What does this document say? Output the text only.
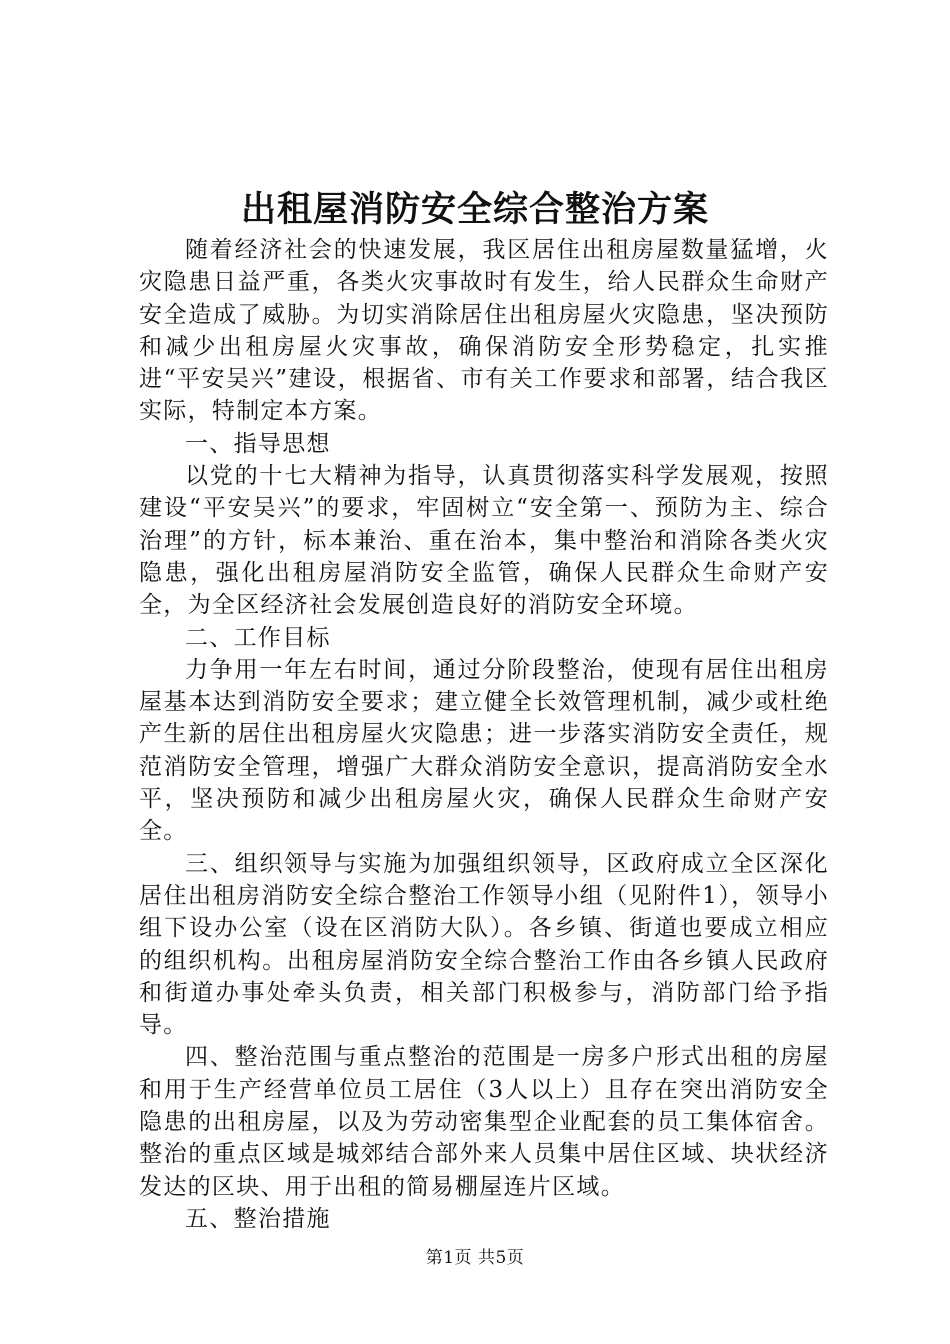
出租屋消防安全综合整治方案

随着经济社会的快速发展，我区居住出租房屋数量猛增，火灾隐患日益严重，各类火灾事故时有发生，给人民群众生命财产安全造成了威胁。为切实消除居住出租房屋火灾隐患，坚决预防和减少出租房屋火灾事故，确保消防安全形势稳定，扎实推进“平安吴兴”建设，根据省、市有关工作要求和部署，结合我区实际，特制定本方案。

一、指导思想

以党的十七大精神为指导，认真贯彻落实科学发展观，按照建设“平安吴兴”的要求，牢固树立“安全第一、预防为主、综合治理”的方针，标本兼治、重在治本，集中整治和消除各类火灾隐患，强化出租房屋消防安全监管，确保人民群众生命财产安全，为全区经济社会发展创造良好的消防安全环境。

二、工作目标

力争用一年左右时间，通过分阶段整治，使现有居住出租房屋基本达到消防安全要求；建立健全长效管理机制，减少或杜绝产生新的居住出租房屋火灾隐患；进一步落实消防安全责任，规范消防安全管理，增强广大群众消防安全意识，提高消防安全水平，坚决预防和减少出租房屋火灾，确保人民群众生命财产安全。

三、组织领导与实施为加强组织领导，区政府成立全区深化居住出租房消防安全综合整治工作领导小组（见附件1），领导小组下设办公室（设在区消防大队）。各乡镇、街道也要成立相应的组织机构。出租房屋消防安全综合整治工作由各乡镇人民政府和街道办事处牵头负责，相关部门积极参与，消防部门给予指导。

四、整治范围与重点整治的范围是一房多户形式出租的房屋和用于生产经营单位员工居住（3人以上）且存在突出消防安全隐患的出租房屋，以及为劳动密集型企业配套的员工集体宿舍。整治的重点区域是城郊结合部外来人员集中居住区域、块状经济发达的区块、用于出租的简易棚屋连片区域。

五、整治措施

第1页 共5页
